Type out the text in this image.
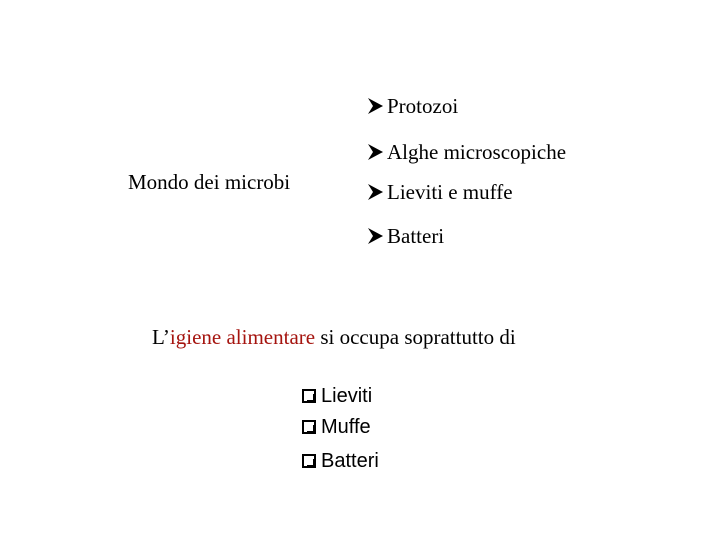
Mondo dei microbi
Protozoi
Alghe microscopiche
Lieviti e muffe
Batteri
L’igiene alimentare si occupa soprattutto di
Lieviti
Muffe
Batteri
